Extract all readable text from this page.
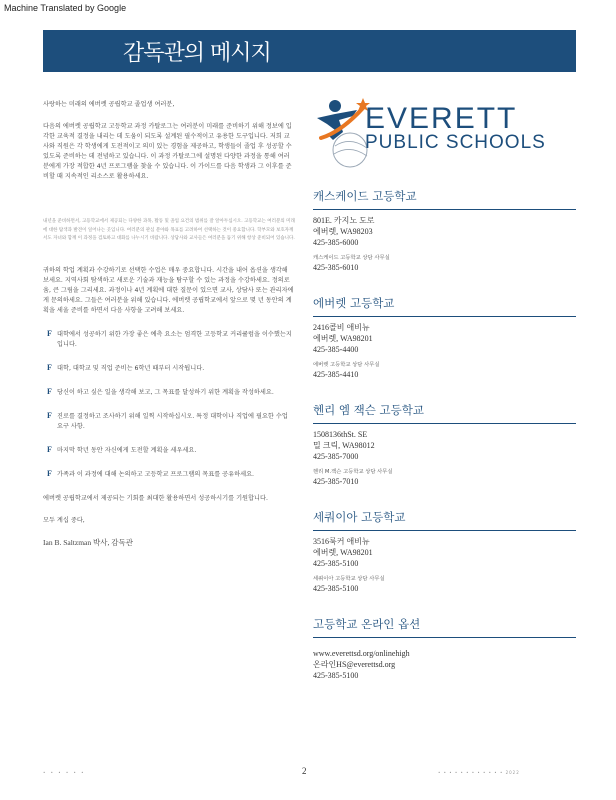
Machine Translated by Google
감독관의 메시지

사랑하는 미래의 에버렛 공립학교 졸업생 여러분,

다음의 에버렛 공립학교 고등학교 과정 카탈로그는 여러분이 미래를 준비하기 위해 정보에 입각한 교육적 결정을 내리는 데 도움이 되도록 설계된 필수적이고 유용한 도구입니다. 저희 교사와 직원은 각 학생에게 도전적이고 의미 있는 경험을 제공하고, 학생들이 졸업 후 성공할 수 있도록 준비하는 데 전념하고 있습니다. 이 과정 카탈로그에 설명된 다양한 과정을 통해 여러분에게 가장 적합한 4년 프로그램을 찾을 수 있습니다. 이 가이드를 다음 학생과 그 이후를 준비할 때 지속적인 리소스로 활용하세요.

내년을 준비하면서, 고등학교에서 제공되는 다양한 과목, 활동 및 졸업 요건의 범위를 잘 알아두십시오. 고등학교는 여러분의 미래에 대한 탐색과 발견이 일어나는 곳입니다. 여러분의 관심 분야와 목표를 고려하여 선택하는 것이 중요합니다. 학부모와 보호자께서도 자녀와 함께 이 과정을 검토하고 대화를 나누시기 바랍니다. 상담사와 교사들은 여러분을 돕기 위해 항상 준비되어 있습니다.

귀하의 학업 계획과 수강하기로 선택한 수업은 매우 중요합니다. 시간을 내어 옵션을 생각해 보세요. 지역사회 탐색하고 새로운 기술과 재능을 탐구할 수 있는 과정을 수강하세요. 정의로움, 큰 그림을 그리세요. 과정이나 4년 계획에 대한 질문이 있으면 교사, 상담사 또는 관리자에게 문의하세요. 그들은 여러분을 위해 있습니다. 에버렛 공립학교에서 앞으로 몇 년 동안의 계획을 세울 준비를 하면서 다음 사항을 고려해 보세요.

F 대학에서 성공하기 위한 가장 좋은 예측 요소는 엄격한 고등학교 커리큘럼을 이수했는지입니다.
F 대학, 대학교 및 직업 준비는 6학년 때부터 시작됩니다.
F 당신이 하고 싶은 일을 생각해 보고, 그 목표를 달성하기 위한 계획을 작성하세요.
F 진로를 결정하고 조사하기 위해 일찍 시작하십시오. 특정 대학이나 직업에 필요한 수업 요구 사항.
F 마지막 학년 동안 자신에게 도전할 계획을 세우세요.
F 가족과 이 과정에 대해 논의하고 고등학교 프로그램의 목표를 공유하세요.

에버렛 공립학교에서 제공되는 기회를 최대한 활용하면서 성공하시기를 기원합니다.

모두 계십 중다,

Ian B. Saltzman 박사, 감독관

EVERETT
PUBLIC SCHOOLS
캐스케이드 고등학교
801E. 카지노 도로
에버렛, WA98203
425-385-6000
캐스케이드 고등학교 상담 사무실
425-385-6010
에버렛 고등학교
2416콜비 애비뉴
에버렛, WA98201
425-385-4400
에버렛 고등학교 상담 사무실
425-385-4410
헨리 엠 잭슨 고등학교
1508136thSt. SE
밀 크릭, WA98012
425-385-7000
헨리 M.잭슨 고등학교 상담 사무실
425-385-7010
세쿼이아 고등학교
3516룩커 애비뉴
에버렛, WA98201
425-385-5100
세쿼이아 고등학교 상담 사무실
425-385-5100
고등학교 온라인 옵션
www.everettsd.org/onlinehigh
온라인HS@everettsd.org
425-385-5100
• • • • • •	2	• • • • • • • • • • • • 2022
